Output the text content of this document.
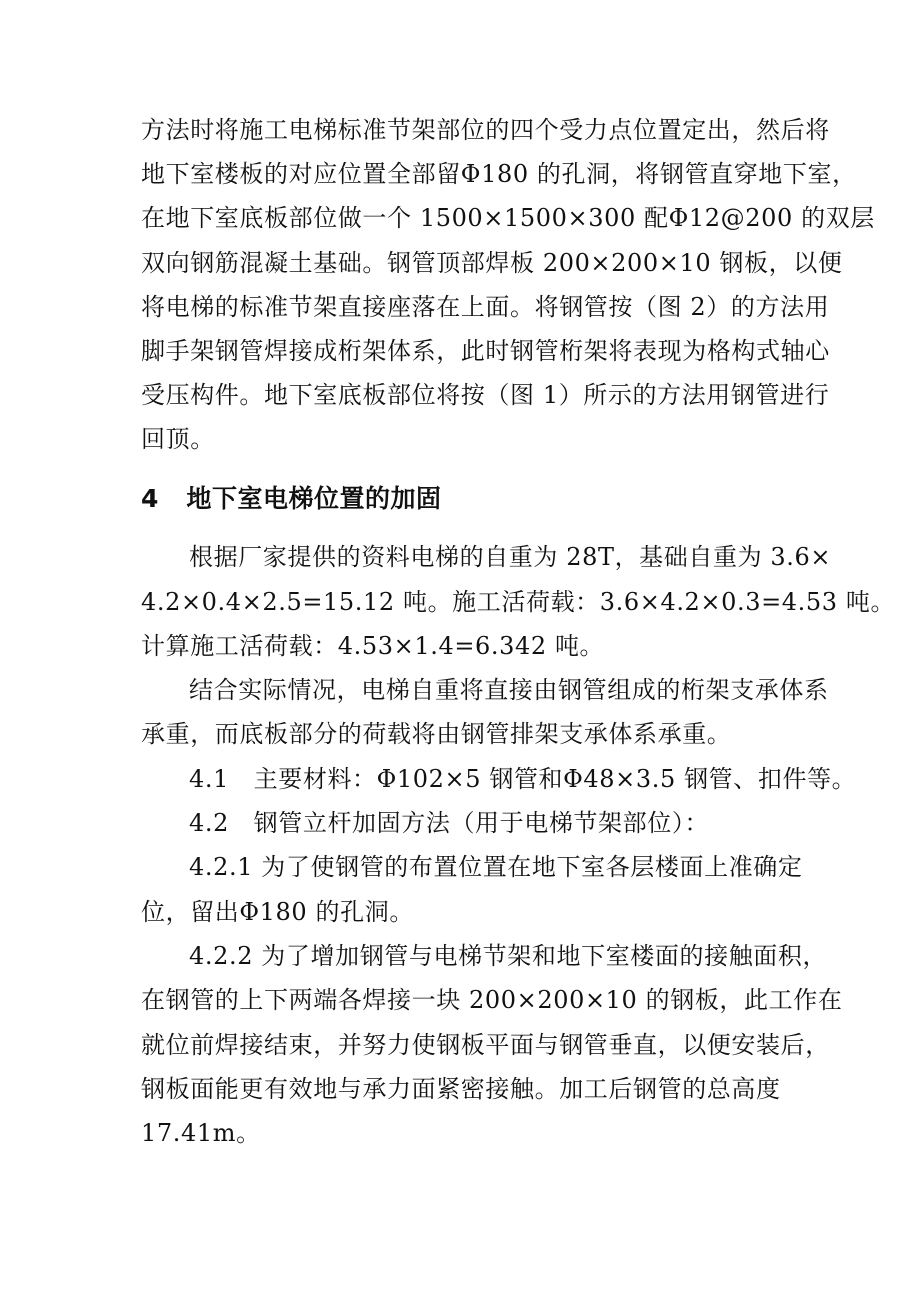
方法时将施工电梯标准节架部位的四个受力点位置定出，然后将
地下室楼板的对应位置全部留Φ180 的孔洞，将钢管直穿地下室，
在地下室底板部位做一个 1500×1500×300 配Φ12@200 的双层
双向钢筋混凝土基础。钢管顶部焊板 200×200×10 钢板，以便
将电梯的标准节架直接座落在上面。将钢管按（图 2）的方法用
脚手架钢管焊接成桁架体系，此时钢管桁架将表现为格构式轴心
受压构件。地下室底板部位将按（图 1）所示的方法用钢管进行
回顶。
4   地下室电梯位置的加固
根据厂家提供的资料电梯的自重为 28T，基础自重为 3.6×
4.2×0.4×2.5=15.12 吨。施工活荷载：3.6×4.2×0.3=4.53 吨。
计算施工活荷载：4.53×1.4=6.342 吨。
结合实际情况，电梯自重将直接由钢管组成的桁架支承体系
承重，而底板部分的荷载将由钢管排架支承体系承重。
4.1   主要材料：Φ102×5 钢管和Φ48×3.5 钢管、扣件等。
4.2   钢管立杆加固方法（用于电梯节架部位）：
4.2.1 为了使钢管的布置位置在地下室各层楼面上准确定
位，留出Φ180 的孔洞。
4.2.2 为了增加钢管与电梯节架和地下室楼面的接触面积，
在钢管的上下两端各焊接一块 200×200×10 的钢板，此工作在
就位前焊接结束，并努力使钢板平面与钢管垂直，以便安装后，
钢板面能更有效地与承力面紧密接触。加工后钢管的总高度
17.41m。
